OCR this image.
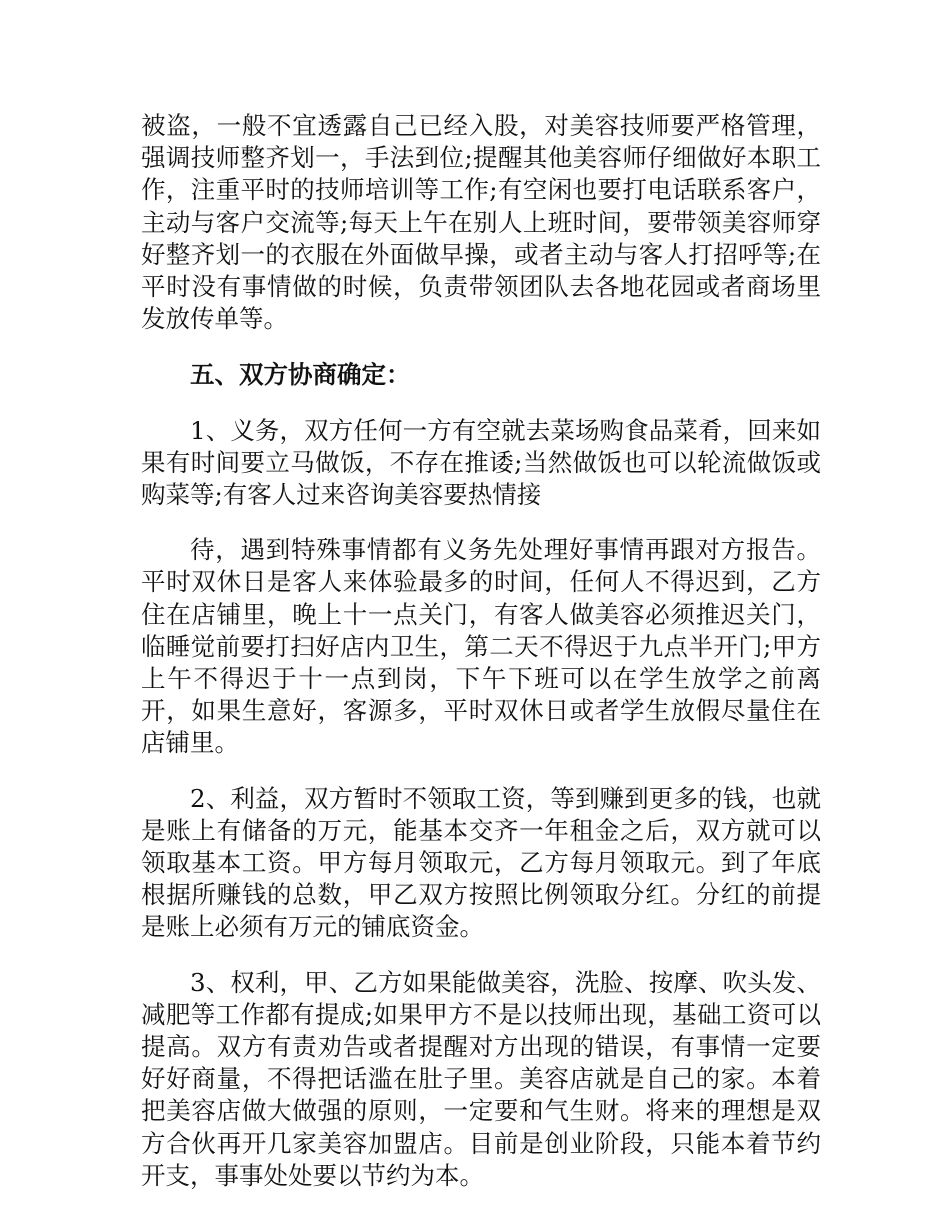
被盗，一般不宜透露自己已经入股，对美容技师要严格管理，强调技师整齐划一，手法到位;提醒其他美容师仔细做好本职工作，注重平时的技师培训等工作;有空闲也要打电话联系客户，主动与客户交流等;每天上午在别人上班时间，要带领美容师穿好整齐划一的衣服在外面做早操，或者主动与客人打招呼等;在平时没有事情做的时候，负责带领团队去各地花园或者商场里发放传单等。

五、双方协商确定：

1、义务，双方任何一方有空就去菜场购食品菜肴，回来如果有时间要立马做饭，不存在推诿;当然做饭也可以轮流做饭或购菜等;有客人过来咨询美容要热情接

待，遇到特殊事情都有义务先处理好事情再跟对方报告。平时双休日是客人来体验最多的时间，任何人不得迟到，乙方住在店铺里，晚上十一点关门，有客人做美容必须推迟关门，临睡觉前要打扫好店内卫生，第二天不得迟于九点半开门;甲方上午不得迟于十一点到岗，下午下班可以在学生放学之前离开，如果生意好，客源多，平时双休日或者学生放假尽量住在店铺里。

2、利益，双方暂时不领取工资，等到赚到更多的钱，也就是账上有储备的万元，能基本交齐一年租金之后，双方就可以领取基本工资。甲方每月领取元，乙方每月领取元。到了年底根据所赚钱的总数，甲乙双方按照比例领取分红。分红的前提是账上必须有万元的铺底资金。

3、权利，甲、乙方如果能做美容，洗脸、按摩、吹头发、减肥等工作都有提成;如果甲方不是以技师出现，基础工资可以提高。双方有责劝告或者提醒对方出现的错误，有事情一定要好好商量，不得把话滥在肚子里。美容店就是自己的家。本着把美容店做大做强的原则，一定要和气生财。将来的理想是双方合伙再开几家美容加盟店。目前是创业阶段，只能本着节约开支，事事处处要以节约为本。
